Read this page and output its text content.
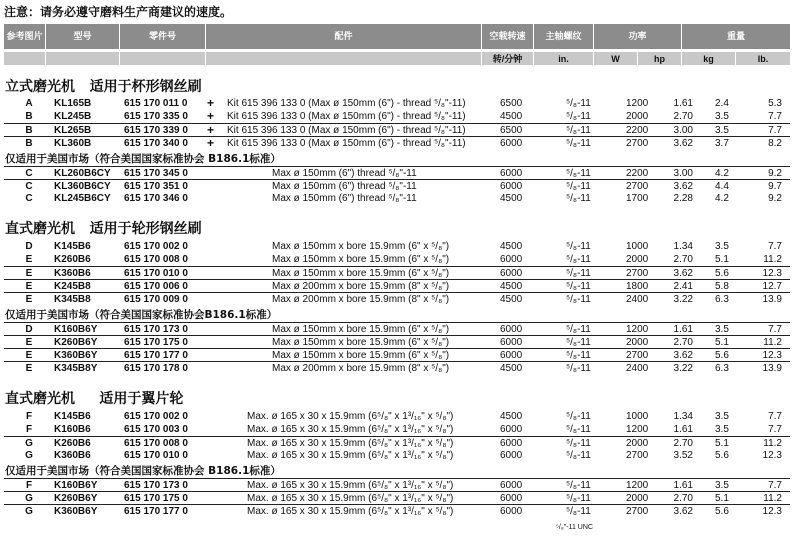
注意：请务必遵守磨料生产商建议的速度。
参考图片	型号	零件号	配件	空载转速	主轴螺纹	功率	重量
转/分钟	in.	W	hp	kg	lb.
立式磨光机   适用于杯形钢丝刷
A	KL165B	615 170 011 0 + Kit 615 396 133 0 (Max ø 150mm (6") - thread ⁵/₈"-11)	6500	⁵/₈-11	1200	1.61 2.4	5.3
B	KL245B	615 170 335 0 + Kit 615 396 133 0 (Max ø 150mm (6") - thread ⁵/₈"-11)	4500	⁵/₈-11	2000	2.70 3.5	7.7
B	KL265B	615 170 339 0 + Kit 615 396 133 0 (Max ø 150mm (6") - thread ⁵/₈"-11)	6500	⁵/₈-11	2200	3.00 3.5	7.7
B	KL360B	615 170 340 0 + Kit 615 396 133 0 (Max ø 150mm (6") - thread ⁵/₈"-11)	6000	⁵/₈-11	2700	3.62 3.7	8.2
仅适用于美国市场（符合美国国家标准协会 B186.1标准）
C	KL260B6CY 615 170 345 0	Max ø 150mm (6") thread ⁵/₈"-11	6000	⁵/₈-11	2200	3.00 4.2	9.2
C	KL360B6CY 615 170 351 0	Max ø 150mm (6") thread ⁵/₈"-11	6000	⁵/₈-11	2700	3.62 4.4	9.7
C	KL245B6CY 615 170 346 0	Max ø 150mm (6") thread ⁵/₈"-11	4500	⁵/₈-11	1700	2.28 4.2	9.2
直式磨光机   适用于轮形钢丝刷
D	K145B6	615 170 002 0	Max ø 150mm x bore 15.9mm (6" x ⁵/₈")	4500	⁵/₈-11	1000	1.34 3.5	7.7
E	K260B6	615 170 008 0	Max ø 150mm x bore 15.9mm (6" x ⁵/₈")	6000	⁵/₈-11	2000	2.70 5.1	11.2
E	K360B6	615 170 010 0	Max ø 150mm x bore 15.9mm (6" x ⁵/₈")	6000	⁵/₈-11	2700	3.62 5.6	12.3
E	K245B8	615 170 006 0	Max ø 200mm x bore 15.9mm (8" x ⁵/₈")	4500	⁵/₈-11	1800	2.41 5.8	12.7
E	K345B8	615 170 009 0	Max ø 200mm x bore 15.9mm (8" x ⁵/₈")	4500	⁵/₈-11	2400	3.22 6.3	13.9
仅适用于美国市场（符合美国国家标准协会B186.1标准）
D	K160B6Y	615 170 173 0	Max ø 150mm x bore 15.9mm (6" x ⁵/₈")	6000	⁵/₈-11	1200	1.61 3.5	7.7
E	K260B6Y	615 170 175 0	Max ø 150mm x bore 15.9mm (6" x ⁵/₈")	6000	⁵/₈-11	2000	2.70 5.1	11.2
E	K360B6Y	615 170 177 0	Max ø 150mm x bore 15.9mm (6" x ⁵/₈")	6000	⁵/₈-11	2700	3.62 5.6	12.3
E	K345B8Y	615 170 178 0	Max ø 200mm x bore 15.9mm (8" x ⁵/₈")	4500	⁵/₈-11	2400	3.22 6.3	13.9
直式磨光机     适用于翼片轮
F	K145B6	615 170 002 0	Max. ø 165 x 30 x 15.9mm (6⁵/₈" x 1³/₁₆" x ⁵/₈")	4500	⁵/₈-11	1000	1.34 3.5	7.7
F	K160B6	615 170 003 0	Max. ø 165 x 30 x 15.9mm (6⁵/₈" x 1³/₁₆" x ⁵/₈")	6000	⁵/₈-11	1200	1.61 3.5	7.7
G	K260B6	615 170 008 0	Max. ø 165 x 30 x 15.9mm (6⁵/₈" x 1³/₁₆" x ⁵/₈")	6000	⁵/₈-11	2000	2.70 5.1	11.2
G	K360B6	615 170 010 0	Max. ø 165 x 30 x 15.9mm (6⁵/₈" x 1³/₁₆" x ⁵/₈")	6000	⁵/₈-11	2700	3.52 5.6	12.3
仅适用于美国市场（符合美国国家标准协会 B186.1标准）
F	K160B6Y	615 170 173 0	Max. ø 165 x 30 x 15.9mm (6⁵/₈" x 1³/₁₆" x ⁵/₈")	6000	⁵/₈-11	1200	1.61 3.5	7.7
G	K260B6Y	615 170 175 0	Max. ø 165 x 30 x 15.9mm (6⁵/₈" x 1³/₁₆" x ⁵/₈")	6000	⁵/₈-11	2000	2.70 5.1	11.2
G	K360B6Y	615 170 177 0	Max. ø 165 x 30 x 15.9mm (6⁵/₈" x 1³/₁₆" x ⁵/₈")	6000	⁵/₈-11	2700	3.62 5.6	12.3
⁵/₈"-11 UNC
